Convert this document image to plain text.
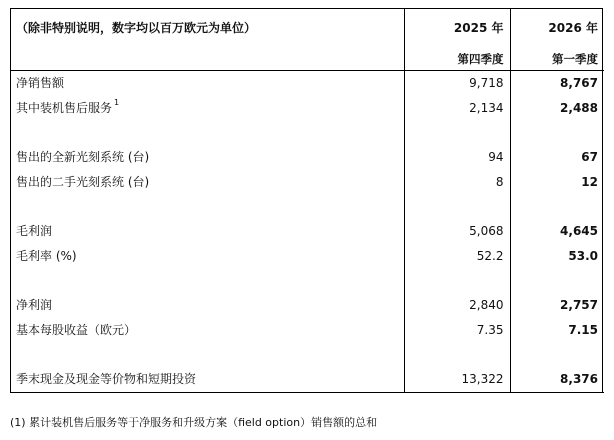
（除非特别说明，数字均以百万欧元为单位）	2025 年	2026 年
	第四季度	第一季度
净销售额	9,718	8,767
其中装机售后服务 $^1$	2,134	2,488

售出的全新光刻系统 (台)	94	67
售出的二手光刻系统 (台)	8	12

毛利润	5,068	4,645
毛利率 (%)	52.2	53.0

净利润	2,840	2,757
基本每股收益（欧元）	7.35	7.15

季末现金及现金等价物和短期投资	13,322	8,376
(1) 累计装机售后服务等于净服务和升级方案（field option）销售额的总和
